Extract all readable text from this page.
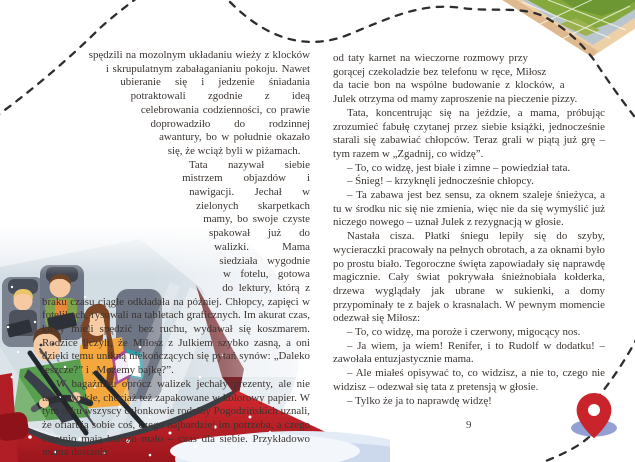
spędzili na mozolnym układaniu wieży z klocków i skrupulatnym zabałaganianiu pokoju. Nawet ubieranie się i jedzenie śniadania potraktowali zgodnie z ideą celebrowania codzienności, co prawie doprowadziło do rodzinnej awantury, bo w południe okazało się, że wciąż byli w piżamach.

Tata nazywał siebie mistrzem objazdów i nawigacji. Jechał w zielonych skarpetkach mamy, bo swoje czyste spakował już do walizki. Mama siedziała wygodnie w fotelu, gotowa do lektury, którą z braku czasu ciągle odkładała na później. Chłopcy, zapięci w fotelikach, rysowali na tabletach graficznych. Im akurat czas, który mieli spędzić bez ruchu, wydawał się koszmarem. Rodzice liczyli, że Miłosz z Julkiem szybko zasną, a oni dzięki temu unikną niekończących się pytań synów: „Daleko jeszcze?” i „Możemy bajkę?”.

W bagażniku oprócz walizek jechały prezenty, ale nie takie zwykłe, chociaż też zapakowane w kolorowy papier. W tym roku wszyscy członkowie rodziny Pogodzińskich uznali, że ofiarują sobie coś, czego najbardziej im potrzeba, a czego ostatnio mają bardzo mało – czas dla siebie. Przykładowo mama dostanie

od taty karnet na wieczorne rozmowy przy gorącej czekoladzie bez telefonu w ręce, Miłosz da tacie bon na wspólne budowanie z klocków, a Julek otrzyma od mamy zaproszenie na pieczenie pizzy.

Tata, koncentrując się na jeździe, a mama, próbując zrozumieć fabułę czytanej przez siebie książki, jednocześnie starali się zabawiać chłopców. Teraz grali w piątą już grę – tym razem w „Zgadnij, co widzę”.

– To, co widzę, jest białe i zimne – powiedział tata.

– Śnieg! – krzyknęli jednocześnie chłopcy.

– Ta zabawa jest bez sensu, za oknem szaleje śnieżyca, a tu w środku nic się nie zmienia, więc nie da się wymyślić już niczego nowego – uznał Julek z rezygnacją w głosie.

Nastała cisza. Płatki śniegu lepiły się do szyby, wycieraczki pracowały na pełnych obrotach, a za oknami było po prostu biało. Tegoroczne święta zapowiadały się naprawdę magicznie. Cały świat pokrywała śnieżnobiała kołderka, drzewa wyglądały jak ubrane w sukienki, a domy przypominały te z bajek o krasnalach. W pewnym momencie odezwał się Miłosz:

– To, co widzę, ma poroże i czerwony, migocący nos.

– Ja wiem, ja wiem! Renifer, i to Rudolf w dodatku! – zawołała entuzjastycznie mama.

– Ale miałeś opisywać to, co widzisz, a nie to, czego nie widzisz – odezwał się tata z pretensją w głosie.

– Tylko że ja to naprawdę widzę!

9
